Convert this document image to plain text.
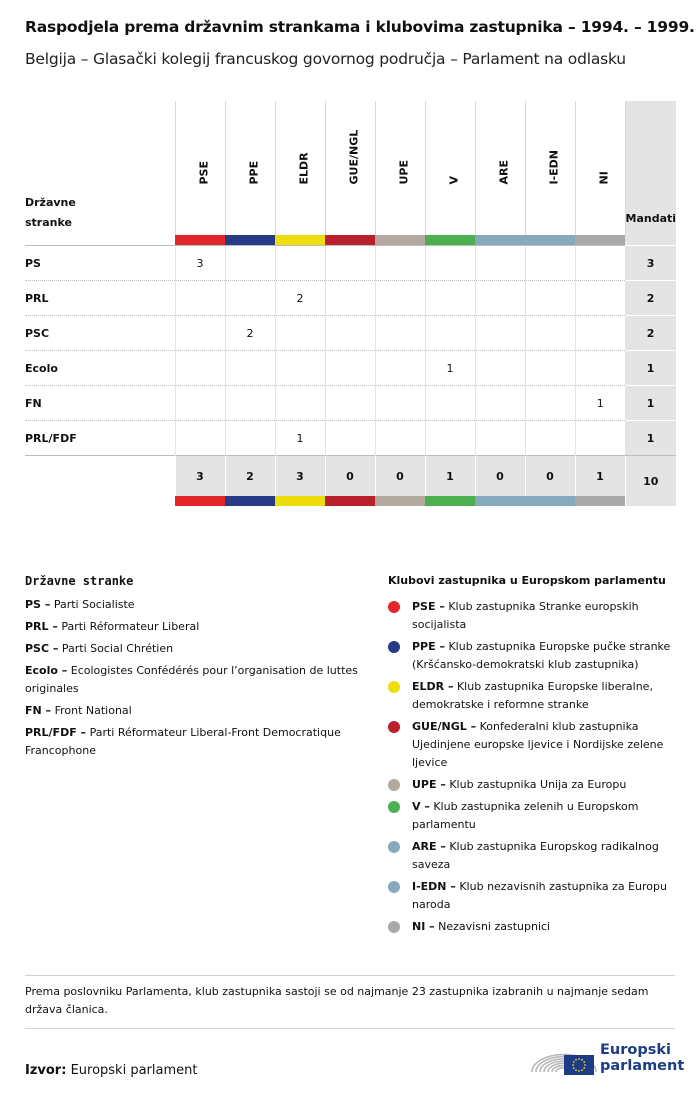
Raspodjela prema državnim strankama i klubovima zastupnika – 1994. – 1999.
Belgija – Glasački kolegij francuskog govornog područja – Parlament na odlasku
Državne
stranke	PSE	PPE	ELDR	GUE/NGL	UPE	V	ARE	I-EDN	NI	Mandati

PS	3									3
PRL			2							2
PSC		2								2
Ecolo						1				1
FN									1	1
PRL/FDF			1							1
	3	2	3	0	0	1	0	0	1	10

Državne stranke
PS – Parti Socialiste
PRL – Parti Réformateur Liberal
PSC – Parti Social Chrétien
Ecolo – Ecologistes Confédérés pour l’organisation de luttes originales
FN – Front National
PRL/FDF – Parti Réformateur Liberal-Front Democratique Francophone
Klubovi zastupnika u Europskom parlamentu
PSE – Klub zastupnika Stranke europskih socijalista
PPE – Klub zastupnika Europske pučke stranke (Kršćansko-demokratski klub zastupnika)
ELDR – Klub zastupnika Europske liberalne, demokratske i reformne stranke
GUE/NGL – Konfederalni klub zastupnika Ujedinjene europske ljevice i Nordijske zelene ljevice
UPE – Klub zastupnika Unija za Europu
V – Klub zastupnika zelenih u Europskom parlamentu
ARE – Klub zastupnika Europskog radikalnog saveza
I-EDN – Klub nezavisnih zastupnika za Europu naroda
NI – Nezavisni zastupnici
Prema poslovniku Parlamenta, klub zastupnika sastoji se od najmanje 23 zastupnika izabranih u najmanje sedam država članica.
Izvor: Europski parlament
Europski
parlament
